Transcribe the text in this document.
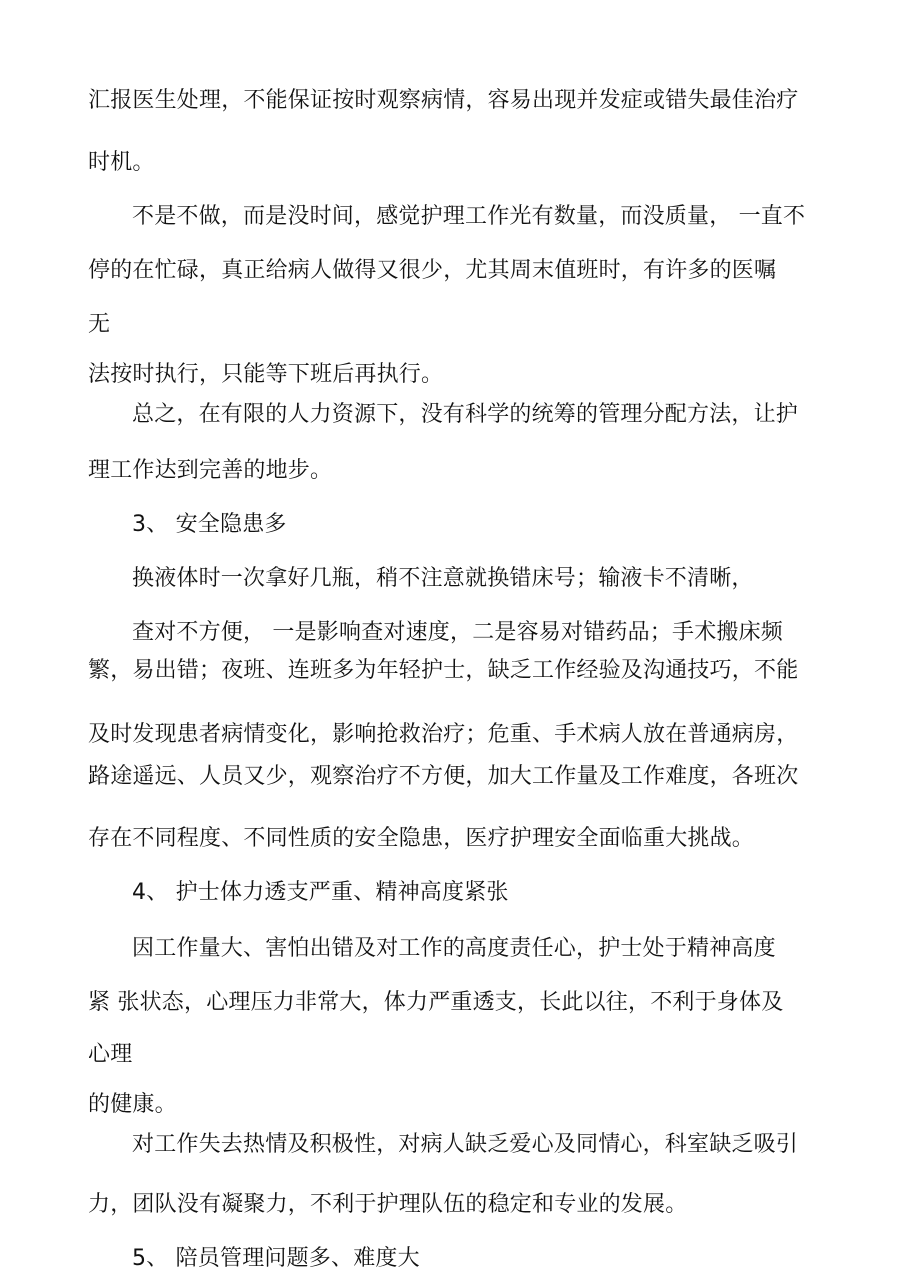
汇报医生处理，不能保证按时观察病情，容易出现并发症或错失最佳治疗

时机。

不是不做，而是没时间，感觉护理工作光有数量，而没质量， 一直不

停的在忙碌，真正给病人做得又很少，尤其周末值班时，有许多的医嘱

无

法按时执行，只能等下班后再执行。

总之，在有限的人力资源下，没有科学的统筹的管理分配方法，让护

理工作达到完善的地步。

3、 安全隐患多

换液体时一次拿好几瓶，稍不注意就换错床号；输液卡不清晰，

查对不方便， 一是影响查对速度，二是容易对错药品；手术搬床频

繁，易出错；夜班、连班多为年轻护士，缺乏工作经验及沟通技巧，不能

及时发现患者病情变化，影响抢救治疗；危重、手术病人放在普通病房，

路途遥远、人员又少，观察治疗不方便，加大工作量及工作难度，各班次

存在不同程度、不同性质的安全隐患，医疗护理安全面临重大挑战。

4、 护士体力透支严重、精神高度紧张

因工作量大、害怕出错及对工作的高度责任心，护士处于精神高度

紧 张状态，心理压力非常大，体力严重透支，长此以往，不利于身体及

心理

的健康。

对工作失去热情及积极性，对病人缺乏爱心及同情心，科室缺乏吸引

力，团队没有凝聚力，不利于护理队伍的稳定和专业的发展。

5、 陪员管理问题多、难度大
